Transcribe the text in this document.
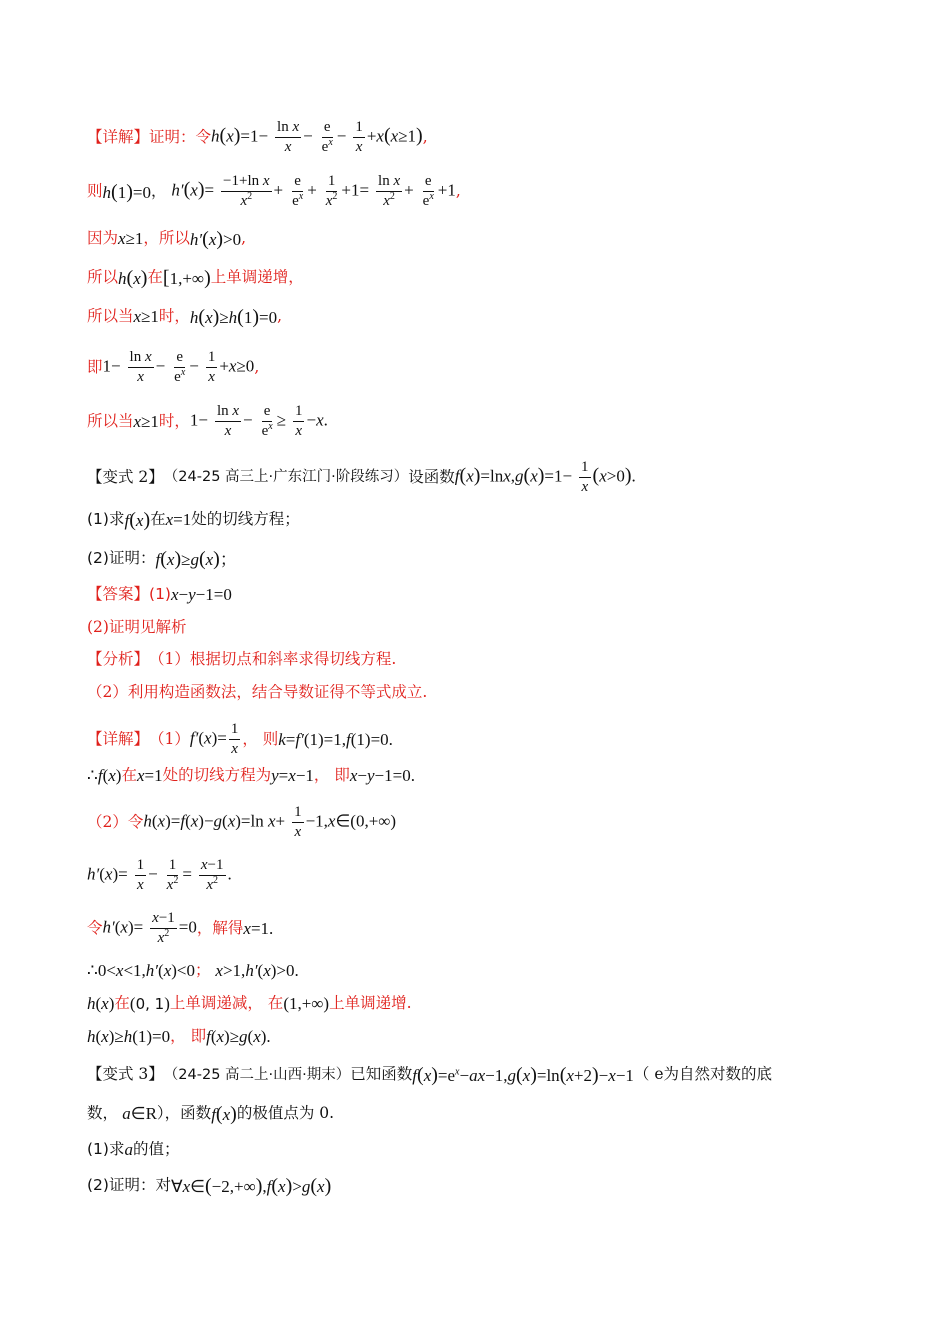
【详解】 证明：令 $h(x)=1- \frac{\text{ln x}}{x} - \frac{e}{e^x} - \frac{1}{x} +x(x\ge 1)$ ,
则 h(1)=0 ， $h'(x)= \frac{\text{−1+ln x}}{x^2} + \frac{e}{e^x} + \frac{1}{x^2} +1= \frac{\text{ln x}}{x^2} + \frac{e}{e^x} +1$ ,
因为 x≥1 ，所以 h′(x)>0 ,
所以 h(x) 在 [1,+∞) 上单调递增，
所以当 x≥1 时， h(x)≥h(1)=0 ,
即 $1- \frac{\text{ln x}}{x} - \frac{e}{e^x} - \frac{1}{x} +x\ge 0$ ,
所以当 x≥1 时， $1- \frac{\text{ln x}}{x} - \frac{e}{e^x} \ge \frac{1}{x} -x$.
【变式 2】 （24-25 高三上·广东江门·阶段练习） 设函数 $f(x)=\ln x,g(x)=1- \frac{1}{x} (x>0)$.
(1) 求 f(x) 在 x=1 处的切线方程；
(2) 证明： f(x)≥g(x)；
【答案】 (1) x−y−1=0
(2)证明见解析
【分析】 （1）根据切点和斜率求得切线方程.
（2）利用构造函数法，结合导数证得不等式成立.
【详解】 （1） $f'(x)= \frac{1}{x}$ ， 则 k=f′(1)=1,f(1)=0.
∴f(x) 在 x=1 处的切线方程为 y=x−1 ， 即 x−y−1=0.
（2）令 h(x)=f(x)−g(x)=ln $x+ \frac{1}{x}$ −1,x∈(0,+∞)
$h'(x)= \frac{1}{x} - \frac{1}{x^2} = \frac{x-1}{x^2}$ .
令 $h'(x)= \frac{x-1}{x^2} =0$ ，解得 x=1.
∴0<x<1,h′(x)<0 ； x>1,h′(x)>0.
h(x) 在 (0, 1) 上单调递减， 在 (1,+∞) 上单调递增.
h(x)≥h(1)=0 ， 即 f(x)≥g(x).
【变式 3】 （24-25 高二上·山西·期末） 已知函数 $f(x)=e^x-ax-1,g(x)=\ln(x+2)-x-1$ （ e为自然对数的底
数， a∈R ），函数 f(x) 的极值点为 0.
(1) 求 a 的值；
(2) 证明：对 ∀x∈(−2,+∞),f(x)>g(x)
